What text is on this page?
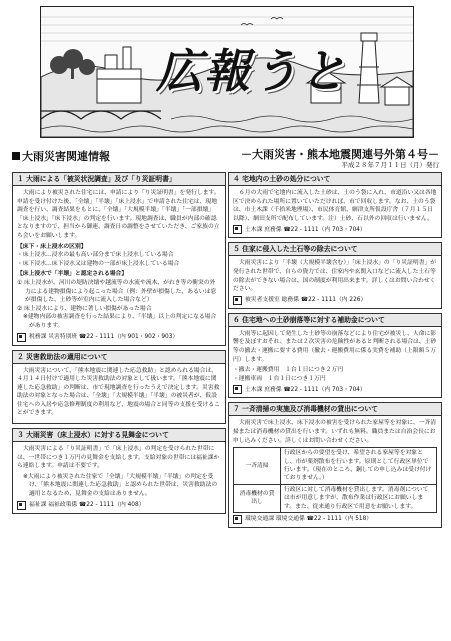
広報うと
大雨災害関連情報	－大雨災害・熊本地震関連号外第４号－
平成２８年７月１１日（月）発行
１ 大雨による「被災状況調査」及び「り災証明書」

大雨により被災された住宅には、申請により「り災証明書」を発行します。申請を受け付けた後、「全壊」「半壊」「床上浸水」で申請された住宅は、現地調査を行い、調査結果をもとに、「全壊」「大規模半壊」「半壊」「一部損壊」「床上浸水」「床下浸水」の判定を行います。現地調査は、職員が内部の確認となりますので、担当から御連、調査日の調整をさせていただき、ご家族の立ち会いをお願いします。

【床下・床上浸水の区別】
・床上浸水…浸水の最も高い部分まで床上浸水している場合
・床下浸水…床下浸水又は建物の一部が床上浸水している場合
【床上浸水で「半壊」と認定される場合】
① 床上浸水が、河川の堤防決壊や越流等の水流や流木、がれき等の衝突の外力による建物損傷により起こった場合（例：外壁が損傷した、あるいは窓が損傷した、土砂等が室内に流入した場合など）
② 床上浸水により、建物に著しい損傷があった場合
※建物内部の被害調査を行った結果により、「半壊」以上の判定になる場合があります。
税務課 災害特別班 ☎22 - 1111（内 901・902・903）
２ 災害救助法の適用について

大雨災害について、「熊本地震に関連した応急救助」と認められる場合は、４月１４日付けで適用した災害救助法の対象として扱います。「熊本地震に関連した応急救助」の判断は、市で現地調査を行ったうえで決定します。災害救助法の対象となった場合は、「全壊」「大規模半壊」「半壊」の被災者が、仮設住宅への入居や応急修理制度の利用など、地震の場合と同等の支援を受けることができます。

３ 大雨災害（床上浸水）に対する見舞金について

大雨災害による「り災証明書」で「床上浸水」の判定を受けられた世帯には、一世帯につき１万円の見舞金を支給します。支給対象の世帯には福祉課から連絡します。申請は不要です。

※大雨により被災された住家で「全壊」「大規模半壊」「半壊」の判定を受け、「熊本地震に関連した応急救助」と認められた世帯は、災害救助法の適用となるため、見舞金の支給はありません。
福祉課 福祉政策係 ☎22 - 1111（内 408）
４ 宅地内の土砂の処分について

６月の大雨で宅地内に流入した土砂は、土のう袋に入れ、市道沿い又は各地区で決められた場所に置いていただければ、市で回収します。なお、土のう袋は、市土木課（千拾米地理場）、市民体育館、網津支所仮設庁舎（７月１５日以降）、網田支所で配布しています。注）土砂、石以外の回収は行いません。

土木課 庶務係 ☎22 - 1111（内 703・704）
５ 住家に侵入した土石等の除去について

大雨災害により「半壊（大規模半壊含む）」「床上浸水」の「り災証明書」が発行された世帯で、自らの資力では、住家内や玄関入口などに流入した土石等の除去ができない場合は、国の制度が利用出来ます。詳しくはお問い合わせください。

被災者支援室 総務係 ☎22 - 1111（内 226）
６ 住宅地への土砂崩落等に対する補助金について

大雨等に起因して発生した土砂等の崩落などにより住宅が被災し、人命に影響を及ぼすおそれ、または２次災害の危険性があると判断される場合は、土砂等の撤去・運搬に要する費用（撤去・運搬費用に係る実費を補助（上限額５万円）します。

・撤去・運搬費用　１台１日につき２万円
・運搬車両　１台１日につき１万円
土木課 庶務係 ☎22 - 1111（内 703・704）
７ 一斉清掃の実施及び消毒機材の貸出について

大雨災害で床上浸水、床下浸水の被害を受けられた家屋等を対象に、一斉清掃または消毒機材の貸出を行います。いずれも無料。職員または自治会長にお申し込みください。詳しくはお問い合わせください。

一斉清掃	行政区からの要望を受け、希望される家屋等を対象とし、市が薬剤散布を行います。原則として行政区単位で行います。（現在のところ、鋼しての申し込みは受け付けておりません。）
消毒機材の貸出し	行政区に対して消毒機材を貸出します。消毒剤については市が用意しますが、散布作業は行政区にお願いします。また、従来通り行政区で用意をお願いします。
環境交通課 環境交通係 ☎22 - 1111（内 518）
